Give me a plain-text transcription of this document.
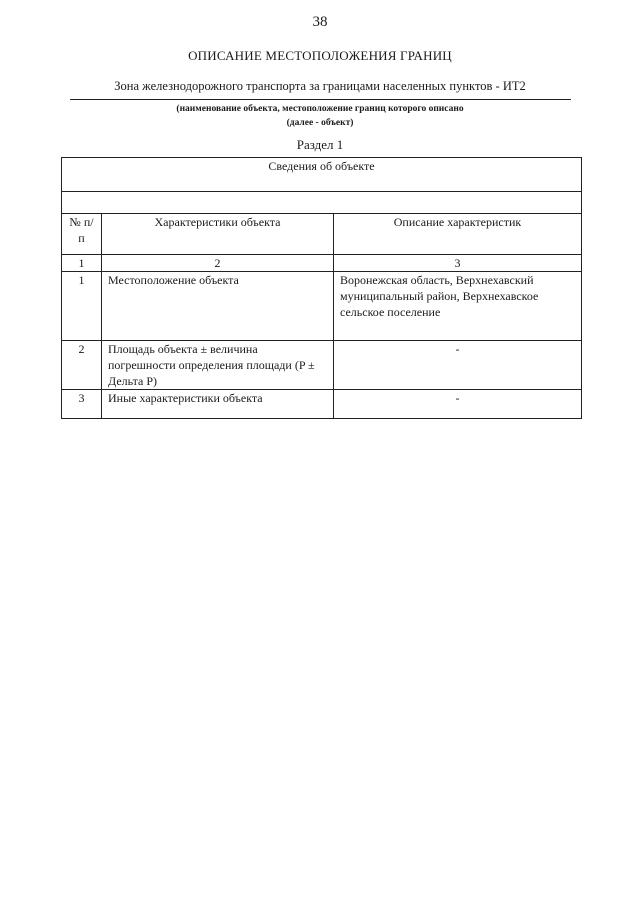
38
ОПИСАНИЕ МЕСТОПОЛОЖЕНИЯ ГРАНИЦ
Зона железнодорожного транспорта за границами населенных пунктов - ИТ2
(наименование объекта, местоположение границ которого описано
(далее - объект)
Раздел 1
Сведения об объекте		

№ п/п	Характеристики объекта	Описание характеристик
1	2	3
1	Местоположение объекта	Воронежская область, Верхнехавский муниципальный район, Верхнехавское сельское поселение
2	Площадь объекта ± величина погрешности определения площади (P ± Дельта P)	-
3	Иные характеристики объекта	-
